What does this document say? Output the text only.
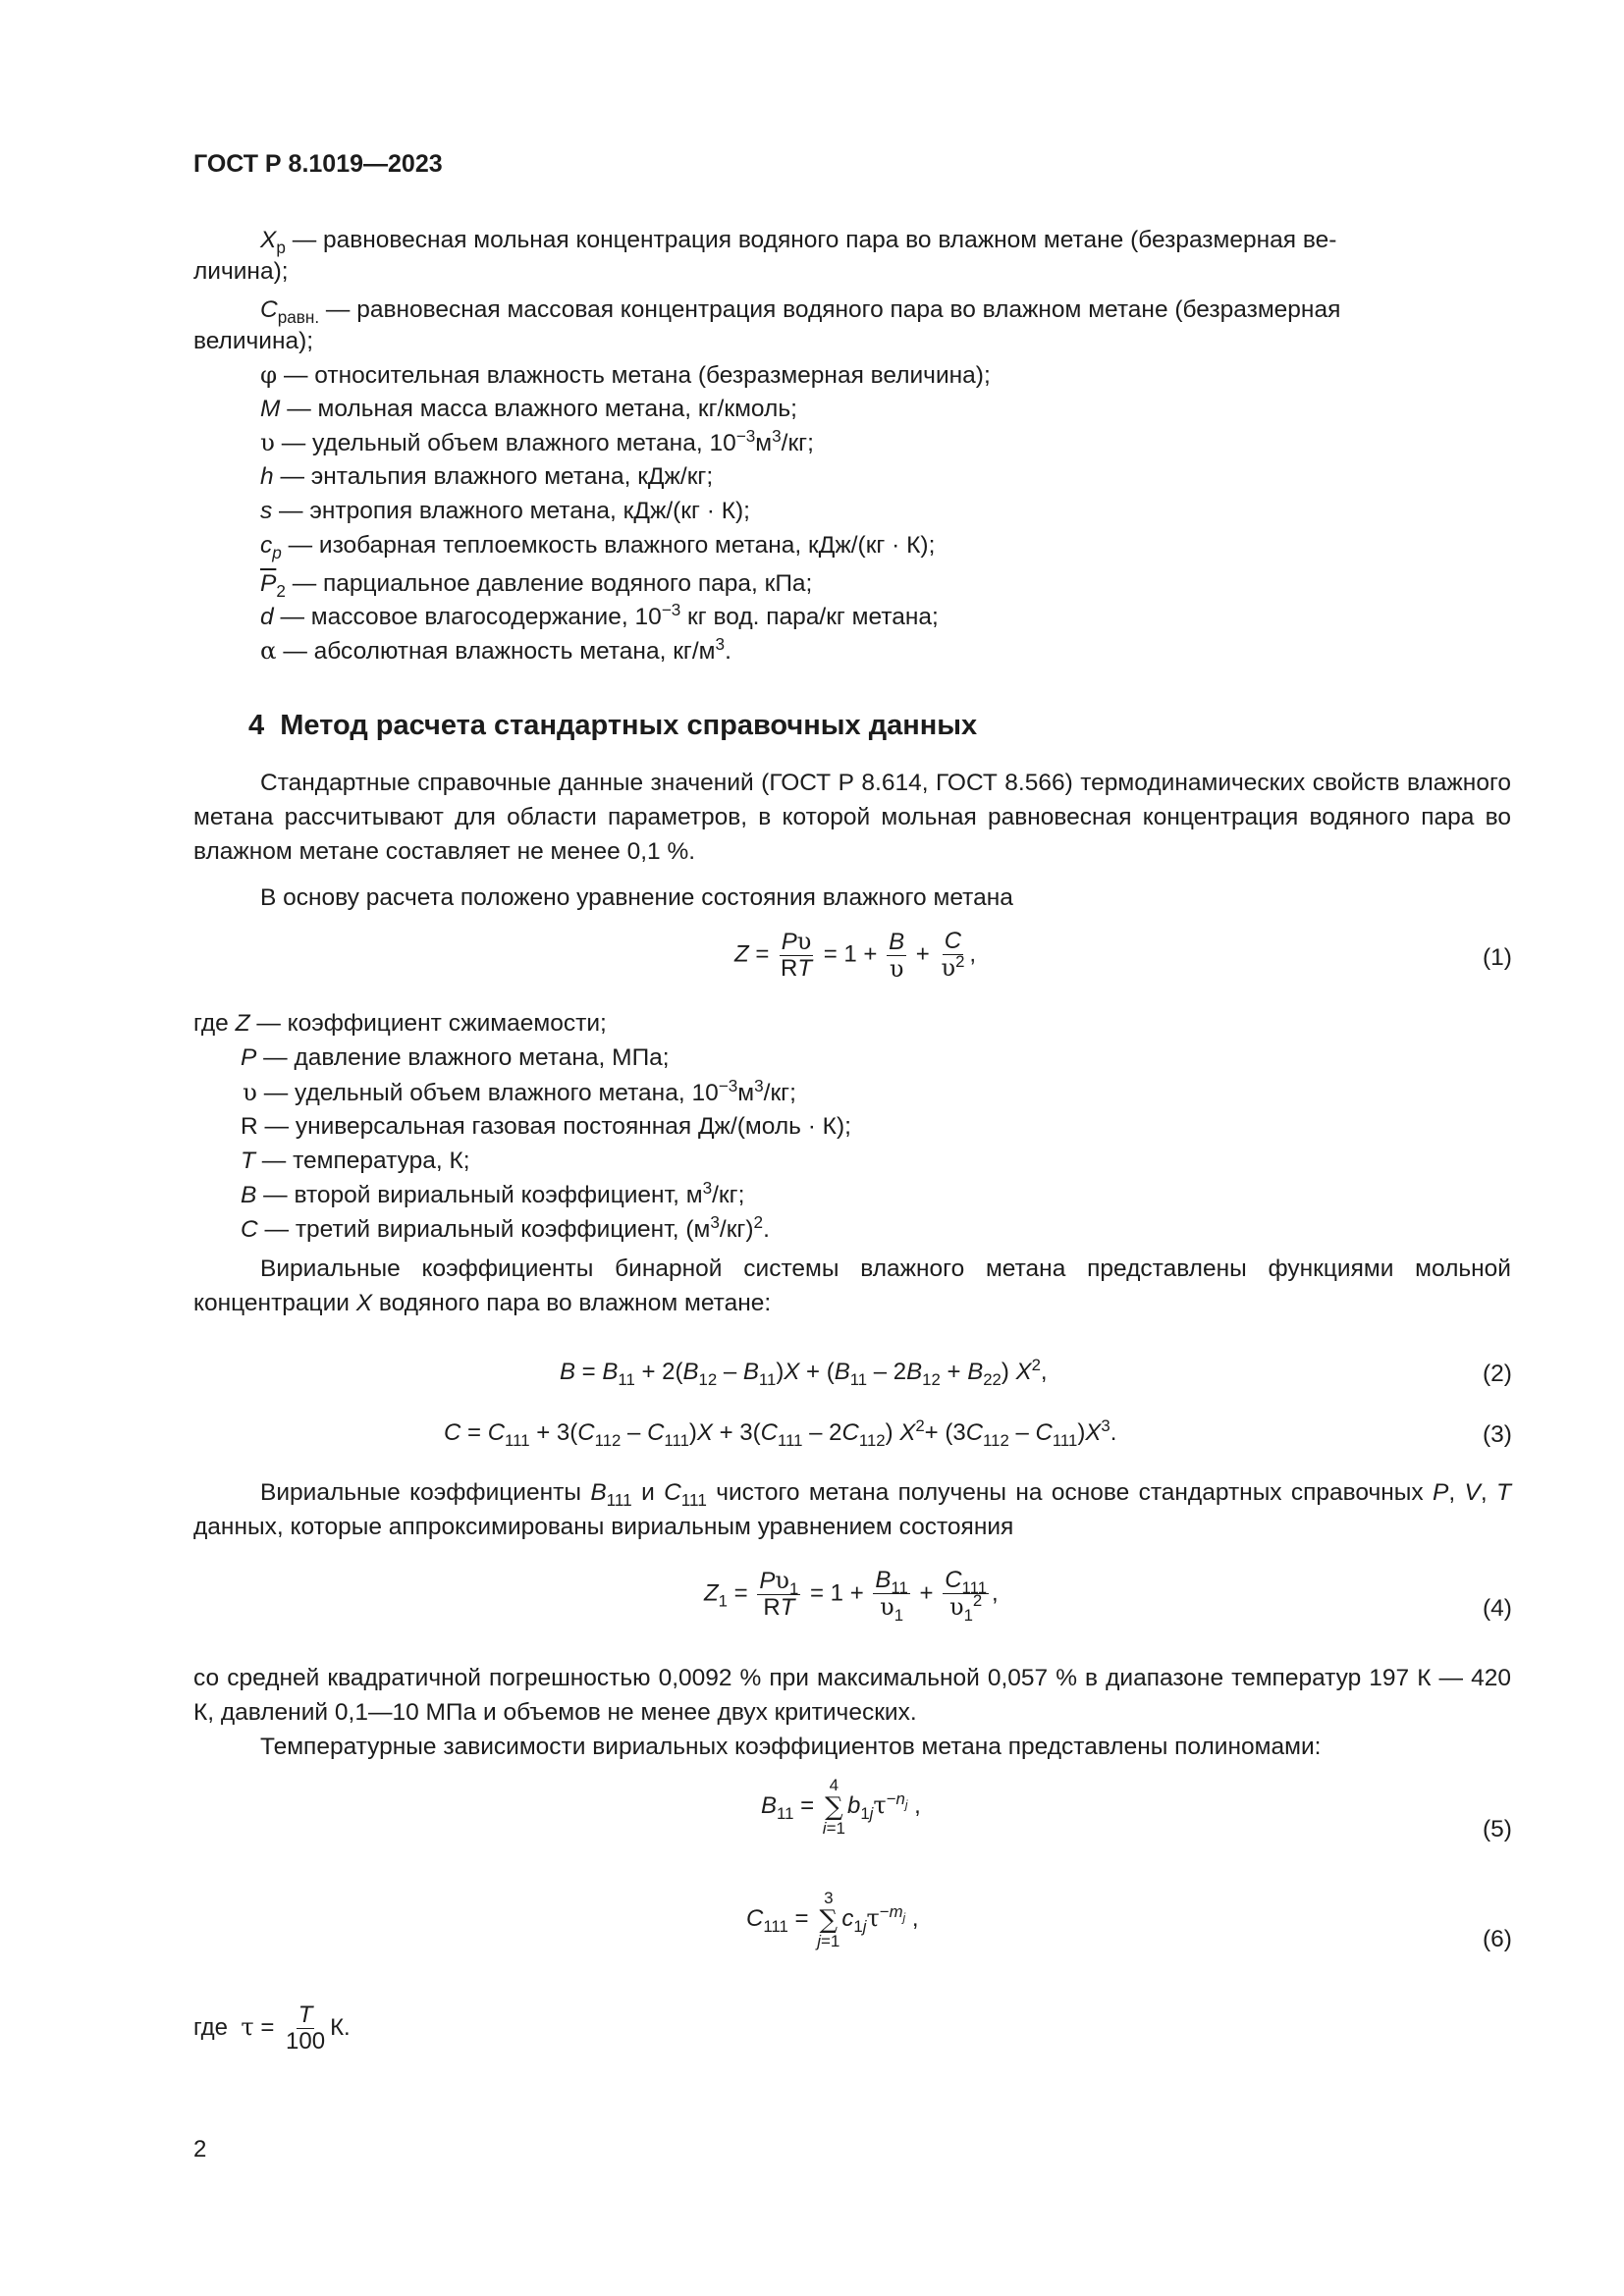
ГОСТ Р 8.1019—2023
$X_р$ — равновесная мольная концентрация водяного пара во влажном метане (безразмерная ве-
личина);
$C_{равн.}$ — равновесная массовая концентрация водяного пара во влажном метане (безразмерная
величина);
φ — относительная влажность метана (безразмерная величина);
M — мольная масса влажного метана, кг/кмоль;
υ — удельный объем влажного метана, $10^{-3}м^3/кг$;
h — энтальпия влажного метана, кДж/кг;
s — энтропия влажного метана, кДж/(кг · К);
$c_p$ — изобарная теплоемкость влажного метана, кДж/(кг · К);
$\overline{P}_2$ — парциальное давление водяного пара, кПа;
d — массовое влагосодержание, $10^{-3}$ кг вод. пара/кг метана;
α — абсолютная влажность метана, $кг/м^3$.
4 Метод расчета стандартных справочных данных
Стандартные справочные данные значений (ГОСТ Р 8.614, ГОСТ 8.566) термодинамических свойств влажного метана рассчитывают для области параметров, в которой мольная равновесная концентрация водяного пара во влажном метане составляет не менее 0,1 %.
В основу расчета положено уравнение состояния влажного метана
$Z = \frac{P\upsilon}{RT} = 1 + \frac{B}{\upsilon} + \frac{C}{\upsilon^2}$ ,	(1)
где Z — коэффициент сжимаемости;
P — давление влажного метана, МПа;
υ — удельный объем влажного метана, $10^{-3}м^3/кг$;
R — универсальная газовая постоянная Дж/(моль · К);
T — температура, К;
B — второй вириальный коэффициент, $м^3/кг$;
C — третий вириальный коэффициент, $(м^3/кг)^2$.
Вириальные коэффициенты бинарной системы влажного метана представлены функциями мольной концентрации X водяного пара во влажном метане:
$B = B_{11} + 2(B_{12} - B_{11})X + (B_{11} - 2B_{12} + B_{22})$ $X^2$,	(2)
$C = C_{111} + 3(C_{112} - C_{111})X + 3(C_{111} - 2C_{112})$ $X^2+ (3C_{112} - C_{111})X^3$.	(3)
Вириальные коэффициенты $B_{111}$ и $C_{111}$ чистого метана получены на основе стандартных справочных P, V, T данных, которые аппроксимированы вириальным уравнением состояния
$Z_1 = \frac{P\upsilon_1}{RT} = 1 + \frac{B_{11}}{\upsilon_1} + \frac{C_{111}}{\upsilon_1^2}$ ,
(4)
со средней квадратичной погрешностью 0,0092 % при максимальной 0,057 % в диапазоне температур 197 К — 420 К, давлений 0,1—10 МПа и объемов не менее двух критических.
Температурные зависимости вириальных коэффициентов метана представлены полиномами:
$B_{11}$ =
4
∑
i=1
$b_{1j}\tau^{-n_j}$ ,
(5)
$C_{111}$ =
3
∑
j=1
$c_{1j}\tau^{-m_j}$ ,
(6)
где $\tau = \frac{T}{100} К$.
2
